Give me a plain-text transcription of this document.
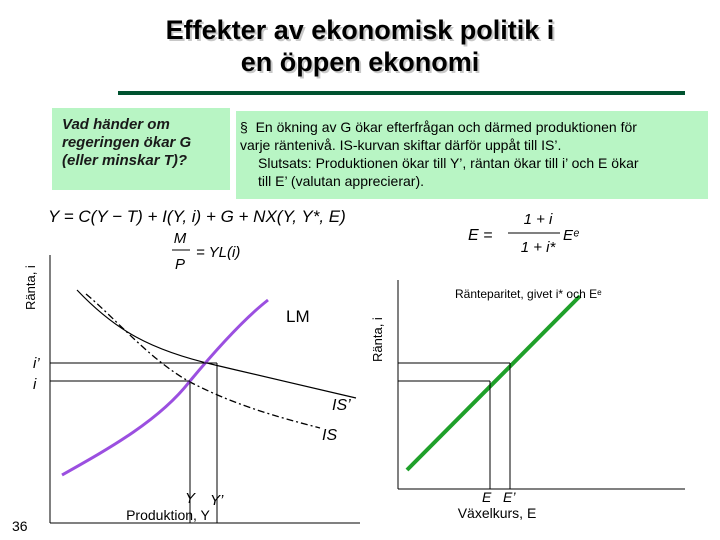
Effekter av ekonomisk politik i
en öppen ekonomi
Vad händer om
regeringen ökar G
(eller minskar T)?
§ En ökning av G ökar efterfrågan och därmed produktionen för
varje räntenivå. IS-kurvan skiftar därför uppåt till IS’.
Slutsats: Produktionen ökar till Y’, räntan ökar till i’ och E ökar
till E’ (valutan apprecierar).
Y = C(Y − T) + I(Y, i) + G + NX(Y, Y*, E)
M
P
= YL(i)
E =
1 + i
1 + i*
Eᵉ
Ränta, i
LM
IS’
IS
i’
i
Y Y’
Produktion, Y
Ränta, i
Ränteparitet, givet i* och Eᵉ
E E’
Växelkurs, E
36
